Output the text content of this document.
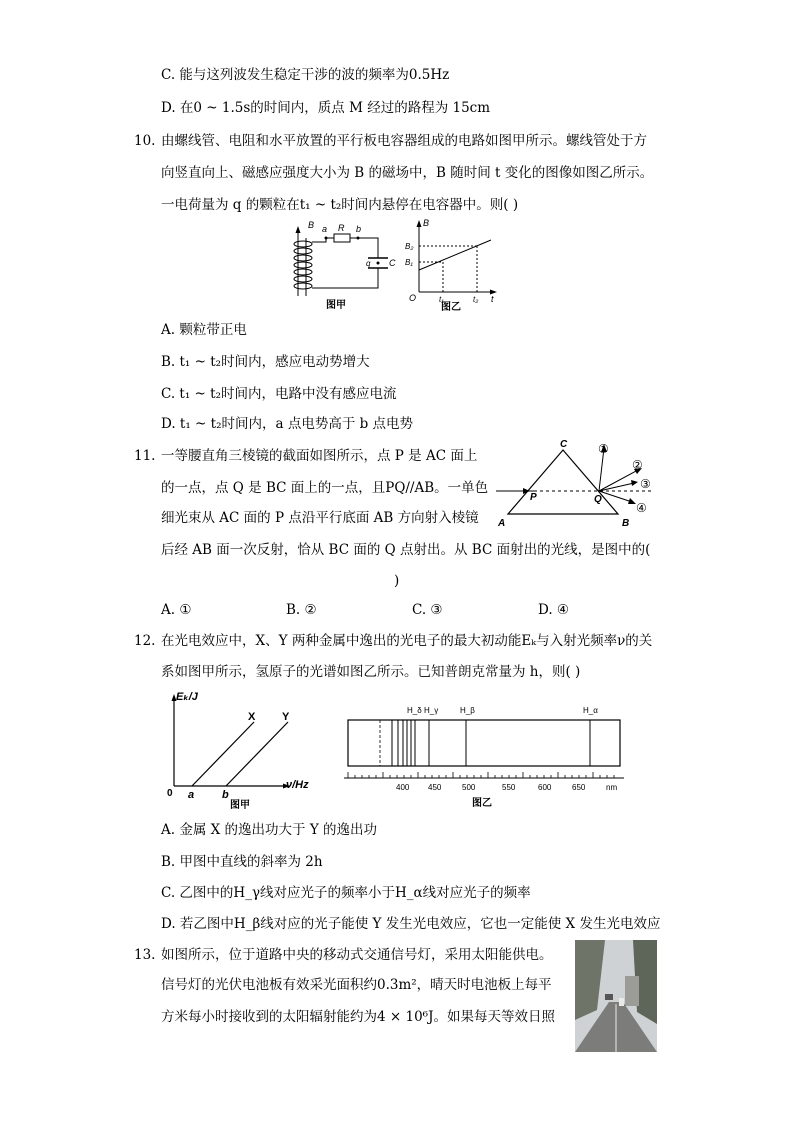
C. 能与这列波发生稳定干涉的波的频率为0.5Hz
D. 在0 ~ 1.5s的时间内，质点 M 经过的路程为 15cm
10. 由螺线管、电阻和水平放置的平行板电容器组成的电路如图甲所示。螺线管处于方
向竖直向上、磁感应强度大小为 B 的磁场中，B 随时间 t 变化的图像如图乙所示。
一电荷量为 q 的颗粒在t₁ ~ t₂时间内悬停在电容器中。则( )
B a R b
q C
图甲
B
B₂
B₁
O	t₁	t₂ t
图乙
A. 颗粒带正电
B. t₁ ~ t₂时间内，感应电动势增大
C. t₁ ~ t₂时间内，电路中没有感应电流
D. t₁ ~ t₂时间内，a 点电势高于 b 点电势
11. 一等腰直角三棱镜的截面如图所示，点 P 是 AC 面上
的一点，点 Q 是 BC 面上的一点，且PQ//AB。一单色
细光束从 AC 面的 P 点沿平行底面 AB 方向射入棱镜
后经 AB 面一次反射，恰从 BC 面的 Q 点射出。从 BC 面射出的光线，是图中的(
)
C
A	B
P	Q
①
②
③
④
A. ①	B. ②	C. ③	D. ④
12. 在光电效应中，X、Y 两种金属中逸出的光电子的最大初动能Eₖ与入射光频率ν的关
系如图甲所示，氢原子的光谱如图乙所示。已知普朗克常量为 h，则( )
Eₖ/J
ν/Hz
X Y
a	b
0
图甲
H_δ H_γ	H_β	H_α
400 450	500	550	600	650	nm
图乙
A. 金属 X 的逸出功大于 Y 的逸出功
B. 甲图中直线的斜率为 2h
C. 乙图中的H_γ线对应光子的频率小于H_α线对应光子的频率
D. 若乙图中H_β线对应的光子能使 Y 发生光电效应，它也一定能使 X 发生光电效应
13. 如图所示，位于道路中央的移动式交通信号灯，采用太阳能供电。
信号灯的光伏电池板有效采光面积约0.3m²，晴天时电池板上每平
方米每小时接收到的太阳辐射能约为4 × 10⁶J。如果每天等效日照
